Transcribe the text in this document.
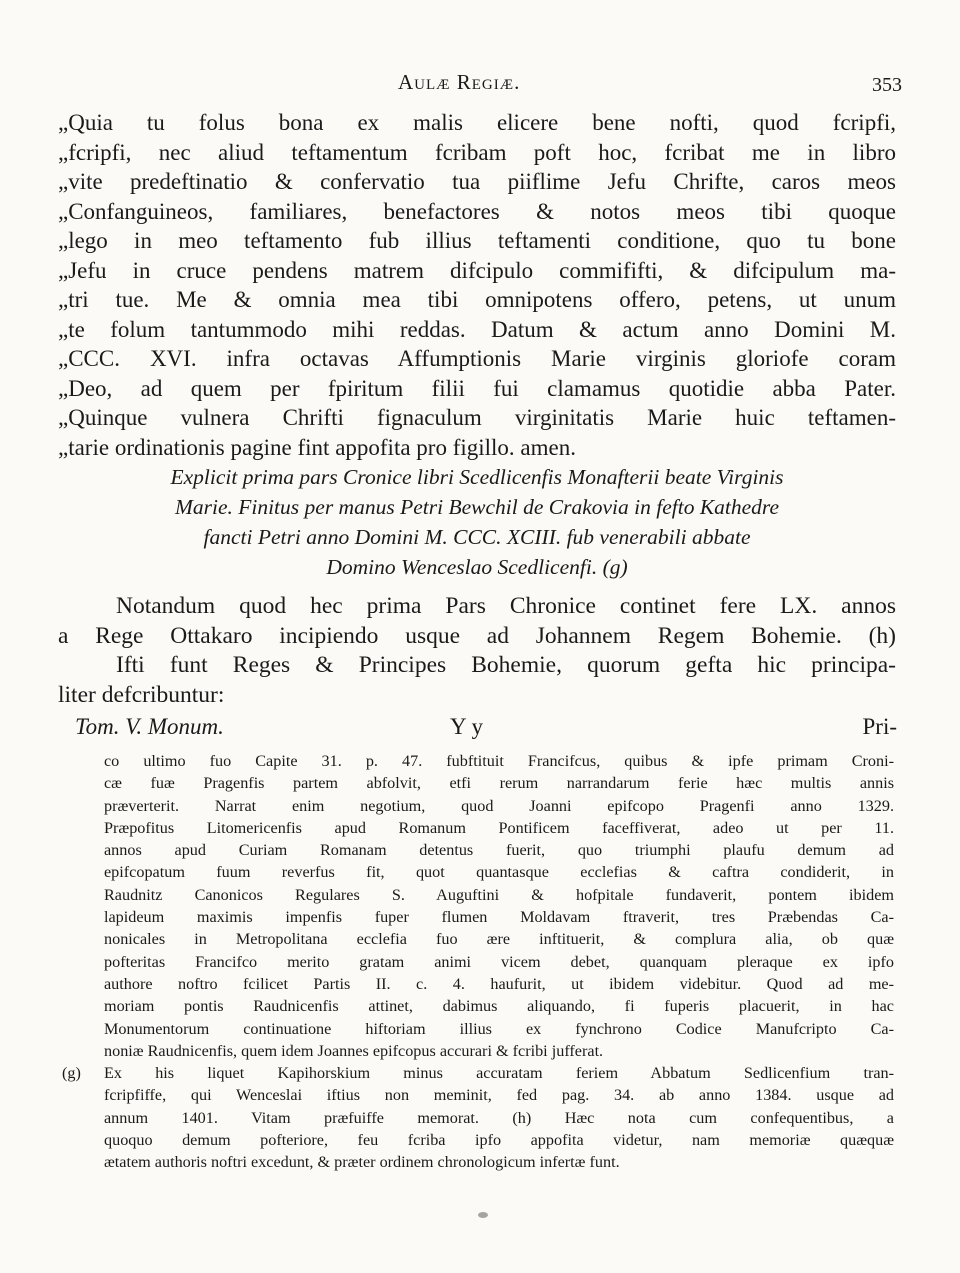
Aulæ Regiæ.	353
„Quia tu folus bona ex malis elicere bene nofti, quod fcripfi,
„fcripfi, nec aliud teftamentum fcribam poft hoc, fcribat me in libro
„vite predeftinatio & confervatio tua piiflime Jefu Chrifte, caros meos
„Confanguineos, familiares, benefactores & notos meos tibi quoque
„lego in meo teftamento fub illius teftamenti conditione, quo tu bone
„Jefu in cruce pendens matrem difcipulo commififti, & difcipulum ma-
„tri tue. Me & omnia mea tibi omnipotens offero, petens, ut unum
„te folum tantummodo mihi reddas. Datum & actum anno Domini M.
„CCC. XVI. infra octavas Affumptionis Marie virginis gloriofe coram
„Deo, ad quem per fpiritum filii fui clamamus quotidie abba Pater.
„Quinque vulnera Chrifti fignaculum virginitatis Marie huic teftamen-
„tarie ordinationis pagine fint appofita pro figillo. amen.
Explicit prima pars Cronice libri Scedlicenfis Monafterii beate Virginis
Marie. Finitus per manus Petri Bewchil de Crakovia in fefto Kathedre
fancti Petri anno Domini M. CCC. XCIII. fub venerabili abbate
Domino Wenceslao Scedlicenfi. (g)
Notandum quod hec prima Pars Chronice continet fere LX. annos
a Rege Ottakaro incipiendo usque ad Johannem Regem Bohemie. (h)
Ifti funt Reges & Principes Bohemie, quorum gefta hic principa-
liter defcribuntur:
Tom. V. Monum.	Y y	Pri-
co ultimo fuo Capite 31. p. 47. fubftituit Francifcus, quibus & ipfe primam Croni-
cæ fuæ Pragenfis partem abfolvit, etfi rerum narrandarum ferie hæc multis annis
præverterit. Narrat enim negotium, quod Joanni epifcopo Pragenfi anno 1329.
Præpofitus Litomericenfis apud Romanum Pontificem faceffiverat, adeo ut per 11.
annos apud Curiam Romanam detentus fuerit, quo triumphi plaufu demum ad
epifcopatum fuum reverfus fit, quot quantasque ecclefias & caftra condiderit, in
Raudnitz Canonicos Regulares S. Auguftini & hofpitale fundaverit, pontem ibidem
lapideum maximis impenfis fuper flumen Moldavam ftraverit, tres Præbendas Ca-
nonicales in Metropolitana ecclefia fuo ære inftituerit, & complura alia, ob quæ
pofteritas Francifco merito gratam animi vicem debet, quanquam pleraque ex ipfo
authore noftro fcilicet Partis II. c. 4. haufurit, ut ibidem videbitur. Quod ad me-
moriam pontis Raudnicenfis attinet, dabimus aliquando, fi fuperis placuerit, in hac
Monumentorum continuatione hiftoriam illius ex fynchrono Codice Manufcripto Ca-
noniæ Raudnicenfis, quem idem Joannes epifcopus accurari & fcribi jufferat.
(g) Ex his liquet Kapihorskium minus accuratam feriem Abbatum Sedlicenfium tran-
fcripfiffe, qui Wenceslai iftius non meminit, fed pag. 34. ab anno 1384. usque ad
annum 1401. Vitam præfuiffe memorat. (h) Hæc nota cum confequentibus, a
quoquo demum pofteriore, feu fcriba ipfo appofita videtur, nam memoriæ quæquæ
ætatem authoris noftri excedunt, & præter ordinem chronologicum infertæ funt.
